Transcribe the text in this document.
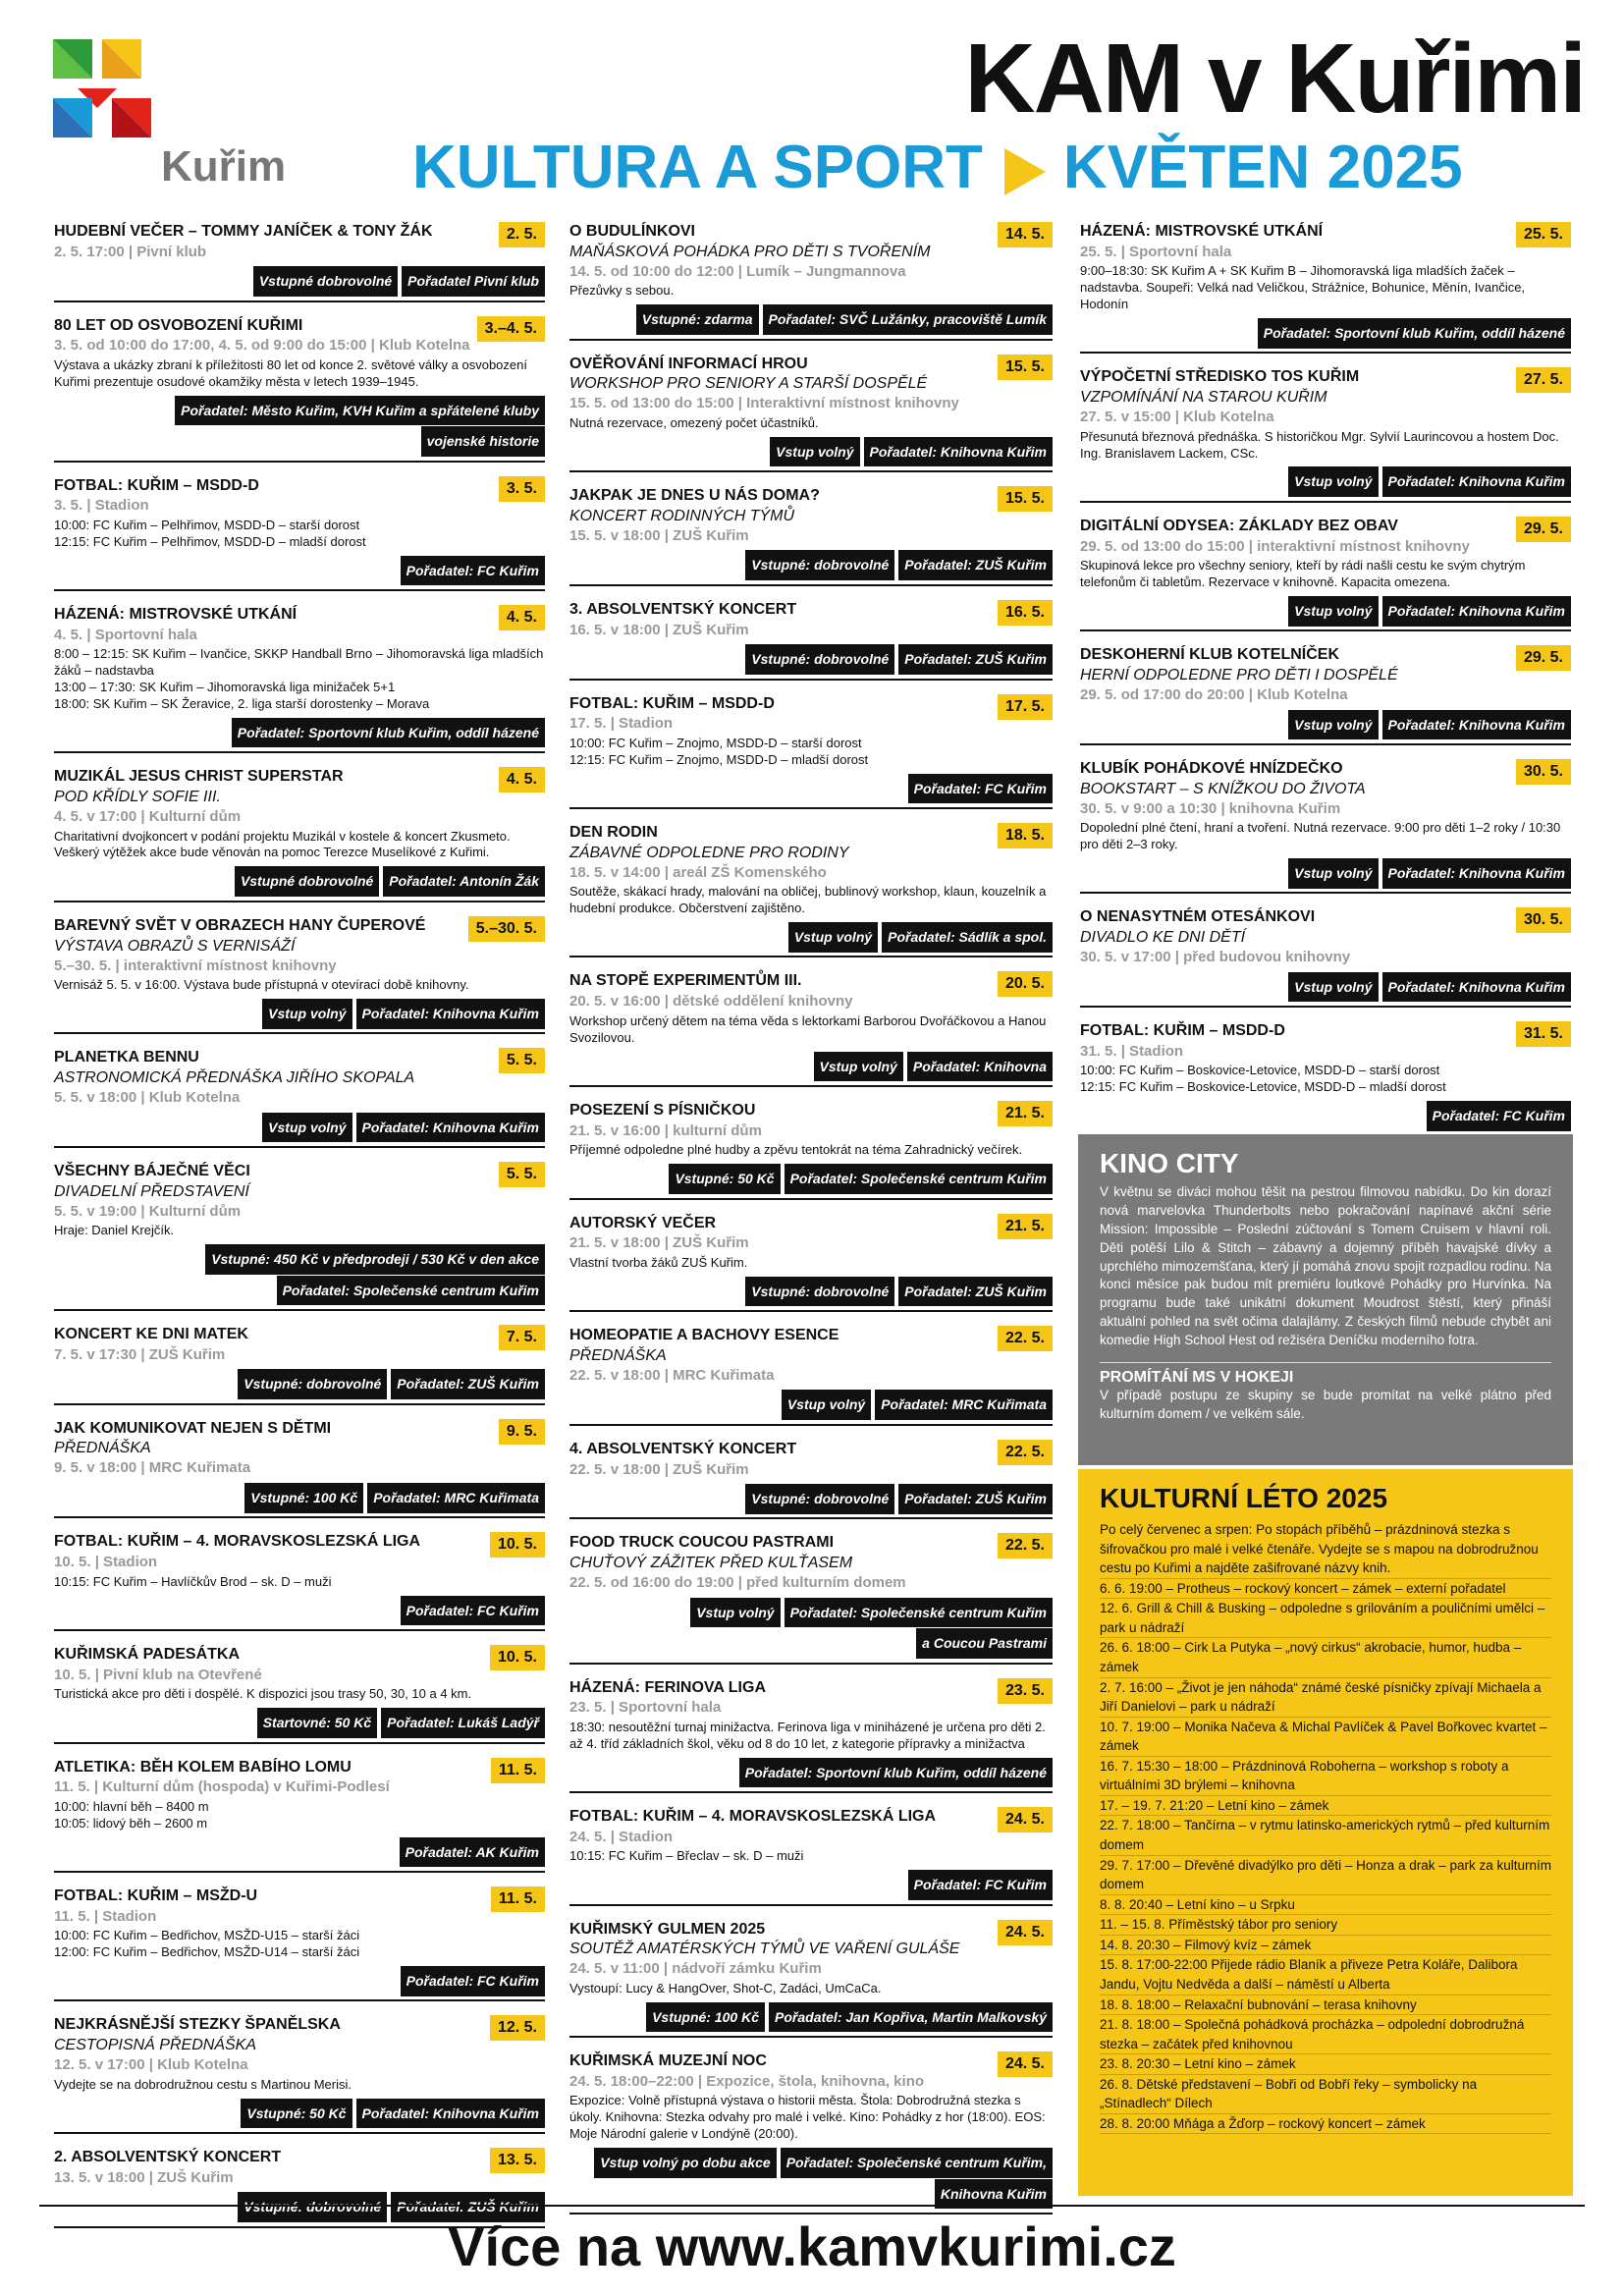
Kuřim
KAM v Kuřimi
KULTURA A SPORT KVĚTEN 2025
2. 5.
HUDEBNÍ VEČER – TOMMY JANÍČEK & TONY ŽÁK
2. 5. 17:00 | Pivní klub
Vstupné dobrovolné Pořadatel Pivní klub
3.–4. 5.
80 LET OD OSVOBOZENÍ KUŘIMI
3. 5. od 10:00 do 17:00, 4. 5. od 9:00 do 15:00 | Klub Kotelna
Výstava a ukázky zbraní k příležitosti 80 let od konce 2. světové války a osvobození Kuřimi prezentuje osudové okamžiky města v letech 1939–1945.
Pořadatel: Město Kuřim, KVH Kuřim a spřátelené klubyvojenské historie
3. 5.
FOTBAL: KUŘIM – MSDD-D
3. 5. | Stadion
10:00: FC Kuřim – Pelhřimov, MSDD-D – starší dorost
12:15: FC Kuřim – Pelhřimov, MSDD-D – mladší dorost
Pořadatel: FC Kuřim
4. 5.
HÁZENÁ: MISTROVSKÉ UTKÁNÍ
4. 5. | Sportovní hala
8:00 – 12:15: SK Kuřim – Ivančice, SKKP Handball Brno – Jihomoravská liga mladších žáků – nadstavba
13:00 – 17:30: SK Kuřim – Jihomoravská liga minižaček 5+1
18:00: SK Kuřim – SK Žeravice, 2. liga starší dorostenky – Morava
Pořadatel: Sportovní klub Kuřim, oddíl házené
4. 5.
MUZIKÁL JESUS CHRIST SUPERSTAR
POD KŘÍDLY SOFIE III.
4. 5. v 17:00 | Kulturní dům
Charitativní dvojkoncert v podání projektu Muzikál v kostele & koncert Zkusmeto. Veškerý výtěžek akce bude věnován na pomoc Terezce Muselíkové z Kuřimi.
Vstupné dobrovolné Pořadatel: Antonín Žák
5.–30. 5.
BAREVNÝ SVĚT V OBRAZECH HANY ČUPEROVÉ
VÝSTAVA OBRAZŮ S VERNISÁŽÍ
5.–30. 5. | interaktivní místnost knihovny
Vernisáž 5. 5. v 16:00. Výstava bude přístupná v otevírací době knihovny.
Vstup volný Pořadatel: Knihovna Kuřim
5. 5.
PLANETKA BENNU
ASTRONOMICKÁ PŘEDNÁŠKA JIŘÍHO SKOPALA
5. 5. v 18:00 | Klub Kotelna
Vstup volný Pořadatel: Knihovna Kuřim
5. 5.
VŠECHNY BÁJEČNÉ VĚCI
DIVADELNÍ PŘEDSTAVENÍ
5. 5. v 19:00 | Kulturní dům
Hraje: Daniel Krejčík.
Vstupné: 450 Kč v předprodeji / 530 Kč v den akcePořadatel: Společenské centrum Kuřim
7. 5.
KONCERT KE DNI MATEK
7. 5. v 17:30 | ZUŠ Kuřim
Vstupné: dobrovolné Pořadatel: ZUŠ Kuřim
9. 5.
JAK KOMUNIKOVAT NEJEN S DĚTMI
PŘEDNÁŠKA
9. 5. v 18:00 | MRC Kuřimata
Vstupné: 100 Kč Pořadatel: MRC Kuřimata
10. 5.
FOTBAL: KUŘIM – 4. MORAVSKOSLEZSKÁ LIGA
10. 5. | Stadion
10:15: FC Kuřim – Havlíčkův Brod – sk. D – muži
Pořadatel: FC Kuřim
10. 5.
KUŘIMSKÁ PADESÁTKA
10. 5. | Pivní klub na Otevřené
Turistická akce pro děti i dospělé. K dispozici jsou trasy 50, 30, 10 a 4 km.
Startovné: 50 Kč Pořadatel: Lukáš Ladýř
11. 5.
ATLETIKA: BĚH KOLEM BABÍHO LOMU
11. 5. | Kulturní dům (hospoda) v Kuřimi-Podlesí
10:00: hlavní běh – 8400 m
10:05: lidový běh – 2600 m
Pořadatel: AK Kuřim
11. 5.
FOTBAL: KUŘIM – MSŽD-U
11. 5. | Stadion
10:00: FC Kuřim – Bedřichov, MSŽD-U15 – starší žáci
12:00: FC Kuřim – Bedřichov, MSŽD-U14 – starší žáci
Pořadatel: FC Kuřim
12. 5.
NEJKRÁSNĚJŠÍ STEZKY ŠPANĚLSKA
CESTOPISNÁ PŘEDNÁŠKA
12. 5. v 17:00 | Klub Kotelna
Vydejte se na dobrodružnou cestu s Martinou Merisi.
Vstupné: 50 Kč Pořadatel: Knihovna Kuřim
13. 5.
2. ABSOLVENTSKÝ KONCERT
13. 5. v 18:00 | ZUŠ Kuřim
Vstupné: dobrovolné Pořadatel: ZUŠ Kuřim
14. 5.
O BUDULÍNKOVI
MAŇÁSKOVÁ POHÁDKA PRO DĚTI S TVOŘENÍM
14. 5. od 10:00 do 12:00 | Lumík – Jungmannova
Přezůvky s sebou.
Vstupné: zdarma Pořadatel: SVČ Lužánky, pracoviště Lumík
15. 5.
OVĚŘOVÁNÍ INFORMACÍ HROU
WORKSHOP PRO SENIORY A STARŠÍ DOSPĚLÉ
15. 5. od 13:00 do 15:00 | Interaktivní místnost knihovny
Nutná rezervace, omezený počet účastníků.
Vstup volný Pořadatel: Knihovna Kuřim
15. 5.
JAKPAK JE DNES U NÁS DOMA?
KONCERT RODINNÝCH TÝMŮ
15. 5. v 18:00 | ZUŠ Kuřim
Vstupné: dobrovolné Pořadatel: ZUŠ Kuřim
16. 5.
3. ABSOLVENTSKÝ KONCERT
16. 5. v 18:00 | ZUŠ Kuřim
Vstupné: dobrovolné Pořadatel: ZUŠ Kuřim
17. 5.
FOTBAL: KUŘIM – MSDD-D
17. 5. | Stadion
10:00: FC Kuřim – Znojmo, MSDD-D – starší dorost
12:15: FC Kuřim – Znojmo, MSDD-D – mladší dorost
Pořadatel: FC Kuřim
18. 5.
DEN RODIN
ZÁBAVNÉ ODPOLEDNE PRO RODINY
18. 5. v 14:00 | areál ZŠ Komenského
Soutěže, skákací hrady, malování na obličej, bublinový workshop, klaun, kouzelník a hudební produkce. Občerstvení zajištěno.
Vstup volný Pořadatel: Sádlík a spol.
20. 5.
NA STOPĚ EXPERIMENTŮM III.
20. 5. v 16:00 | dětské oddělení knihovny
Workshop určený dětem na téma věda s lektorkami Barborou Dvořáčkovou a Hanou Svozilovou.
Vstup volný Pořadatel: Knihovna
21. 5.
POSEZENÍ S PÍSNIČKOU
21. 5. v 16:00 | kulturní dům
Příjemné odpoledne plné hudby a zpěvu tentokrát na téma Zahradnický večírek.
Vstupné: 50 Kč Pořadatel: Společenské centrum Kuřim
21. 5.
AUTORSKÝ VEČER
21. 5. v 18:00 | ZUŠ Kuřim
Vlastní tvorba žáků ZUŠ Kuřim.
Vstupné: dobrovolné Pořadatel: ZUŠ Kuřim
22. 5.
HOMEOPATIE A BACHOVY ESENCE
PŘEDNÁŠKA
22. 5. v 18:00 | MRC Kuřimata
Vstup volný Pořadatel: MRC Kuřimata
22. 5.
4. ABSOLVENTSKÝ KONCERT
22. 5. v 18:00 | ZUŠ Kuřim
Vstupné: dobrovolné Pořadatel: ZUŠ Kuřim
22. 5.
FOOD TRUCK COUCOU PASTRAMI
CHUŤOVÝ ZÁŽITEK PŘED KULŤASEM
22. 5. od 16:00 do 19:00 | před kulturním domem
Vstup volný Pořadatel: Společenské centrum Kuřima Coucou Pastrami
23. 5.
HÁZENÁ: FERINOVA LIGA
23. 5. | Sportovní hala
18:30: nesoutěžní turnaj minižactva. Ferinova liga v miniházené je určena pro děti 2. až 4. tříd základních škol, věku od 8 do 10 let, z kategorie přípravky a minižactva
Pořadatel: Sportovní klub Kuřim, oddíl házené
24. 5.
FOTBAL: KUŘIM – 4. MORAVSKOSLEZSKÁ LIGA
24. 5. | Stadion
10:15: FC Kuřim – Břeclav – sk. D – muži
Pořadatel: FC Kuřim
24. 5.
KUŘIMSKÝ GULMEN 2025
SOUTĚŽ AMATÉRSKÝCH TÝMŮ VE VAŘENÍ GULÁŠE
24. 5. v 11:00 | nádvoří zámku Kuřim
Vystoupí: Lucy & HangOver, Shot-C, Zadáci, UmCaCa.
Vstupné: 100 Kč Pořadatel: Jan Kopřiva, Martin Malkovský
24. 5.
KUŘIMSKÁ MUZEJNÍ NOC
24. 5. 18:00–22:00 | Expozice, štola, knihovna, kino
Expozice: Volně přístupná výstava o historii města. Štola: Dobrodružná stezka s úkoly. Knihovna: Stezka odvahy pro malé i velké. Kino: Pohádky z hor (18:00). EOS: Moje Národní galerie v Londýně (20:00).
Vstup volný po dobu akce Pořadatel: Společenské centrum Kuřim,Knihovna Kuřim
25. 5.
HÁZENÁ: MISTROVSKÉ UTKÁNÍ
25. 5. | Sportovní hala
9:00–18:30: SK Kuřim A + SK Kuřim B – Jihomoravská liga mladších žaček – nadstavba. Soupeři: Velká nad Veličkou, Strážnice, Bohunice, Měnín, Ivančice, Hodonín
Pořadatel: Sportovní klub Kuřim, oddíl házené
27. 5.
VÝPOČETNÍ STŘEDISKO TOS KUŘIM
VZPOMÍNÁNÍ NA STAROU KUŘIM
27. 5. v 15:00 | Klub Kotelna
Přesunutá březnová přednáška. S historičkou Mgr. Sylvií Laurincovou a hostem Doc. Ing. Branislavem Lackem, CSc.
Vstup volný Pořadatel: Knihovna Kuřim
29. 5.
DIGITÁLNÍ ODYSEA: ZÁKLADY BEZ OBAV
29. 5. od 13:00 do 15:00 | interaktivní místnost knihovny
Skupinová lekce pro všechny seniory, kteří by rádi našli cestu ke svým chytrým telefonům či tabletům. Rezervace v knihovně. Kapacita omezena.
Vstup volný Pořadatel: Knihovna Kuřim
29. 5.
DESKOHERNÍ KLUB KOTELNÍČEK
HERNÍ ODPOLEDNE PRO DĚTI I DOSPĚLÉ
29. 5. od 17:00 do 20:00 | Klub Kotelna
Vstup volný Pořadatel: Knihovna Kuřim
30. 5.
KLUBÍK POHÁDKOVÉ HNÍZDEČKO
BOOKSTART – S KNÍŽKOU DO ŽIVOTA
30. 5. v 9:00 a 10:30 | knihovna Kuřim
Dopolední plné čtení, hraní a tvoření. Nutná rezervace. 9:00 pro děti 1–2 roky / 10:30 pro děti 2–3 roky.
Vstup volný Pořadatel: Knihovna Kuřim
30. 5.
O NENASYTNÉM OTESÁNKOVI
DIVADLO KE DNI DĚTÍ
30. 5. v 17:00 | před budovou knihovny
Vstup volný Pořadatel: Knihovna Kuřim
31. 5.
FOTBAL: KUŘIM – MSDD-D
31. 5. | Stadion
10:00: FC Kuřim – Boskovice-Letovice, MSDD-D – starší dorost
12:15: FC Kuřim – Boskovice-Letovice, MSDD-D – mladší dorost
Pořadatel: FC Kuřim
KINO CITY
V květnu se diváci mohou těšit na pestrou filmovou nabídku. Do kin dorazí nová marvelovka Thunderbolts nebo pokračování napínavé akční série Mission: Impossible – Poslední zúčtování s Tomem Cruisem v hlavní roli. Děti potěší Lilo & Stitch – zábavný a dojemný příběh havajské dívky a uprchlého mimozemšťana, který jí pomáhá znovu spojit rozpadlou rodinu. Na konci měsíce pak budou mít premiéru loutkové Pohádky pro Hurvínka. Na programu bude také unikátní dokument Moudrost štěstí, který přináší aktuální pohled na svět očima dalajlámy. Z českých filmů nebude chybět ani komedie High School Hest od režiséra Deníčku moderního fotra.
PROMÍTÁNÍ MS V HOKEJI
V případě postupu ze skupiny se bude promítat na velké plátno před kulturním domem / ve velkém sále.
KULTURNÍ LÉTO 2025
Po celý červenec a srpen: Po stopách příběhů – prázdninová stezka s šifrovačkou pro malé i velké čtenáře. Vydejte se s mapou na dobrodružnou cestu po Kuřimi a najděte zašifrované názvy knih.
6. 6. 19:00 – Protheus – rockový koncert – zámek – externí pořadatel
12. 6. Grill & Chill & Busking – odpoledne s grilováním a pouličními umělci – park u nádraží
26. 6. 18:00 – Cirk La Putyka – „nový cirkus“ akrobacie, humor, hudba – zámek
2. 7. 16:00 – „Život je jen náhoda“ známé české písničky zpívají Michaela a Jiří Danielovi – park u nádraží
10. 7. 19:00 – Monika Načeva & Michal Pavlíček & Pavel Bořkovec kvartet – zámek
16. 7. 15:30 – 18:00 – Prázdninová Roboherna – workshop s roboty a virtuálními 3D brýlemi – knihovna
17. – 19. 7. 21:20 – Letní kino – zámek
22. 7. 18:00 – Tančírna – v rytmu latinsko-amerických rytmů – před kulturním domem
29. 7. 17:00 – Dřevěné divadýlko pro děti – Honza a drak – park za kulturním domem
8. 8. 20:40 – Letní kino – u Srpku
11. – 15. 8. Příměstský tábor pro seniory
14. 8. 20:30 – Filmový kvíz – zámek
15. 8. 17:00-22:00 Přijede rádio Blaník a přiveze Petra Koláře, Dalibora Jandu, Vojtu Nedvěda a další – náměstí u Alberta
18. 8. 18:00 – Relaxační bubnování – terasa knihovny
21. 8. 18:00 – Společná pohádková procházka – odpolední dobrodružná stezka – začátek před knihovnou
23. 8. 20:30 – Letní kino – zámek
26. 8. Dětské představení – Bobři od Bobří řeky – symbolicky na „Stínadlech“ Dílech
28. 8. 20:00 Mňága a Žďorp – rockový koncert – zámek
Více na www.kamvkurimi.cz
